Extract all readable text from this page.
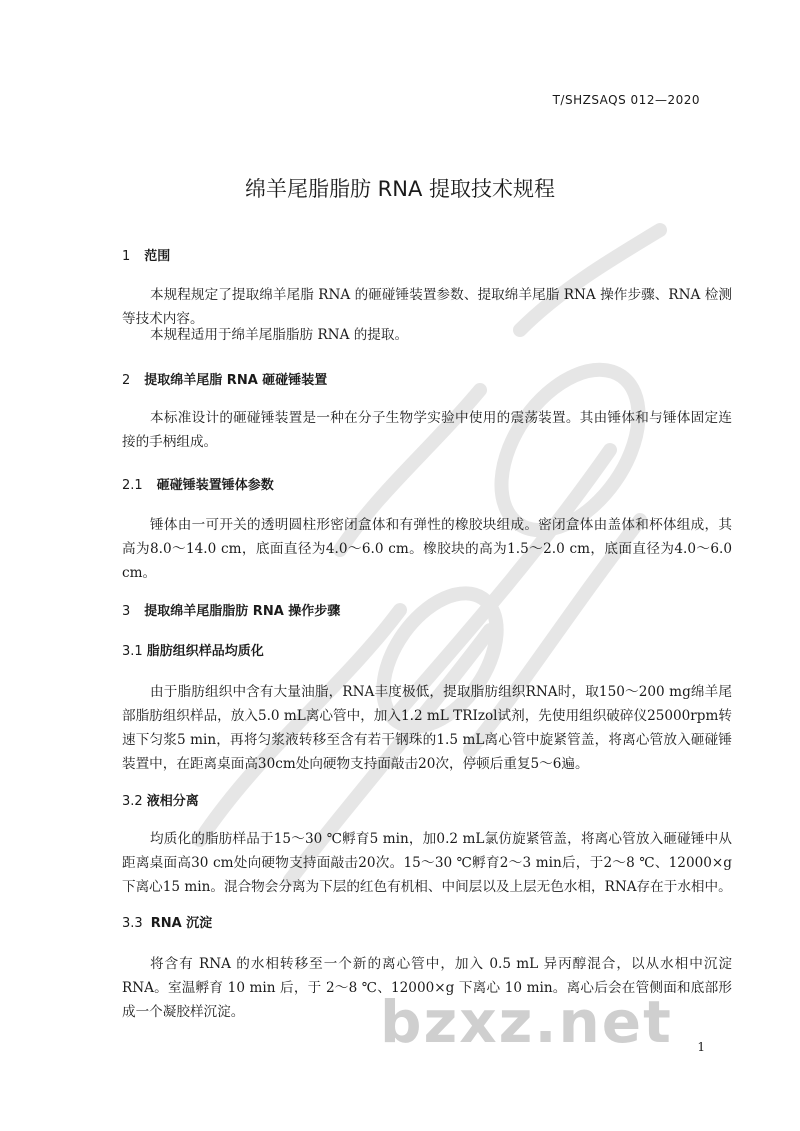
T/SHZSAQS 012—2020
绵羊尾脂脂肪 RNA 提取技术规程
1 范围
本规程规定了提取绵羊尾脂 RNA 的砸碰锤装置参数、提取绵羊尾脂 RNA 操作步骤、RNA 检测等技术内容。
本规程适用于绵羊尾脂脂肪 RNA 的提取。
2 提取绵羊尾脂 RNA 砸碰锤装置
本标准设计的砸碰锤装置是一种在分子生物学实验中使用的震荡装置。其由锤体和与锤体固定连接的手柄组成。
2.1 砸碰锤装置锤体参数
锤体由一可开关的透明圆柱形密闭盒体和有弹性的橡胶块组成。密闭盒体由盖体和杯体组成，其高为8.0～14.0 cm，底面直径为4.0～6.0 cm。橡胶块的高为1.5～2.0 cm，底面直径为4.0～6.0 cm。
3 提取绵羊尾脂脂肪 RNA 操作步骤
3.1 脂肪组织样品均质化
由于脂肪组织中含有大量油脂，RNA丰度极低，提取脂肪组织RNA时，取150～200 mg绵羊尾部脂肪组织样品，放入5.0 mL离心管中，加入1.2 mL TRIzol试剂，先使用组织破碎仪25000rpm转速下匀浆5 min，再将匀浆液转移至含有若干钢珠的1.5 mL离心管中旋紧管盖，将离心管放入砸碰锤装置中，在距离桌面高30cm处向硬物支持面敲击20次，停顿后重复5～6遍。
3.2 液相分离
均质化的脂肪样品于15～30 ℃孵育5 min，加0.2 mL氯仿旋紧管盖，将离心管放入砸碰锤中从距离桌面高30 cm处向硬物支持面敲击20次。15～30 ℃孵育2～3 min后，于2～8 ℃、12000×g下离心15 min。混合物会分离为下层的红色有机相、中间层以及上层无色水相，RNA存在于水相中。
3.3 RNA 沉淀
将含有 RNA 的水相转移至一个新的离心管中，加入 0.5 mL 异丙醇混合，以从水相中沉淀 RNA。室温孵育 10 min 后，于 2～8 ℃、12000×g 下离心 10 min。离心后会在管侧面和底部形成一个凝胶样沉淀。	bzxz.net 1
